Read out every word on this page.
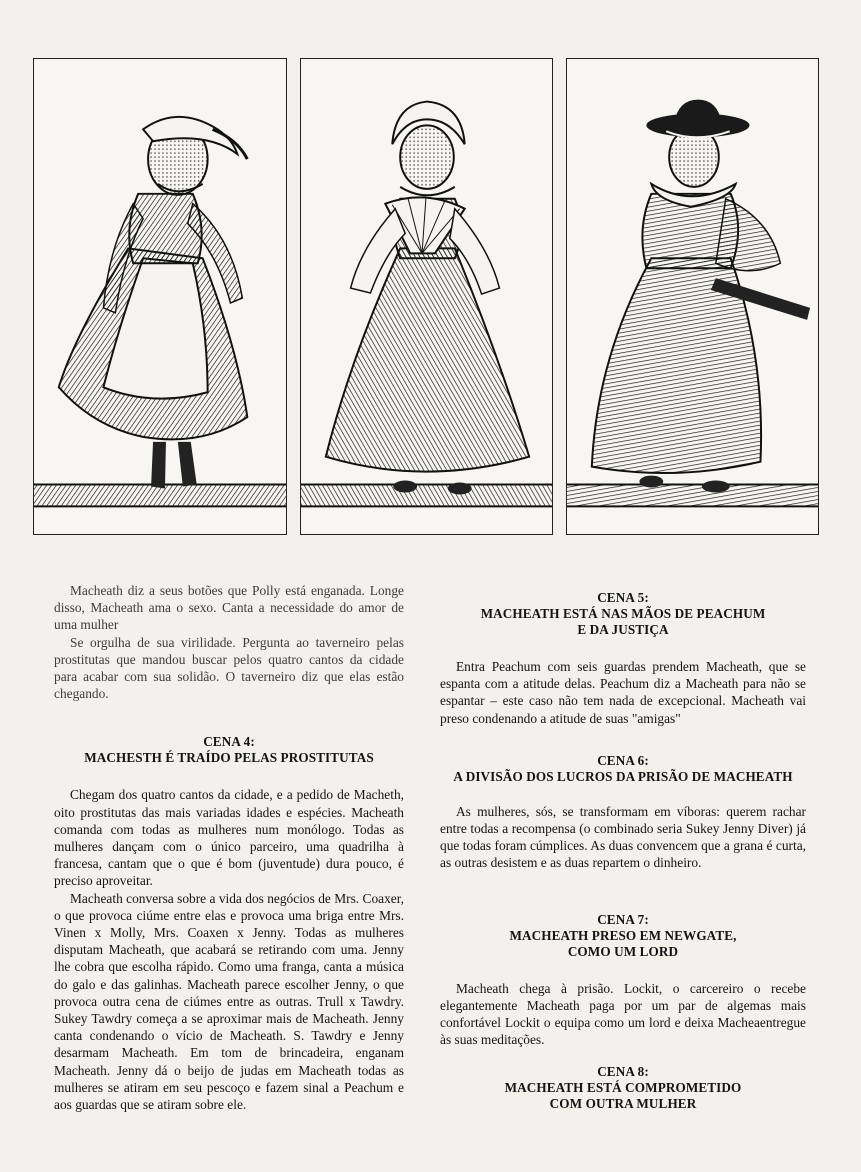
Macheath diz a seus botões que Polly está enganada. Longe disso, Macheath ama o sexo. Canta a necessidade do amor de uma mulher

Se orgulha de sua virilidade. Pergunta ao taverneiro pelas prostitutas que mandou buscar pelos quatro cantos da cidade para acabar com sua solidão. O taverneiro diz que elas estão chegando.

CENA 4:
MACHESTH É TRAÍDO PELAS PROSTITUTAS

Chegam dos quatro cantos da cidade, e a pedido de Macheth, oito prostitutas das mais variadas idades e espécies. Macheath comanda com todas as mulheres num monólogo. Todas as mulheres dançam com o único parceiro, uma quadrilha à francesa, cantam que o que é bom (juventude) dura pouco, é preciso aproveitar.

Macheath conversa sobre a vida dos negócios de Mrs. Coaxer, o que provoca ciúme entre elas e provoca uma briga entre Mrs. Vinen x Molly, Mrs. Coaxen x Jenny. Todas as mulheres disputam Macheath, que acabará se retirando com uma. Jenny lhe cobra que escolha rápido. Como uma franga, canta a música do galo e das galinhas. Macheath parece escolher Jenny, o que provoca outra cena de ciúmes entre as outras. Trull x Tawdry. Sukey Tawdry começa a se aproximar mais de Macheath. Jenny canta condenando o vício de Macheath. S. Tawdry e Jenny desarmam Macheath. Em tom de brincadeira, enganam Macheath. Jenny dá o beijo de judas em Macheath todas as mulheres se atiram em seu pescoço e fazem sinal a Peachum e aos guardas que se atiram sobre ele.

CENA 5:
MACHEATH ESTÁ NAS MÃOS DE PEACHUM
E DA JUSTIÇA

Entra Peachum com seis guardas prendem Macheath, que se espanta com a atitude delas. Peachum diz a Macheath para não se espantar – este caso não tem nada de excepcional. Macheath vai preso condenando a atitude de suas "amigas"

CENA 6:
A DIVISÃO DOS LUCROS DA PRISÃO DE MACHEATH

As mulheres, sós, se transformam em víboras: querem rachar entre todas a recompensa (o combinado seria Sukey Jenny Diver) já que todas foram cúmplices. As duas convencem que a grana é curta, as outras desistem e as duas repartem o dinheiro.

CENA 7:
MACHEATH PRESO EM NEWGATE,
COMO UM LORD

Macheath chega à prisão. Lockit, o carcereiro o recebe elegantemente Macheath paga por um par de algemas mais confortável Lockit o equipa como um lord e deixa Macheaentregue às suas meditações.

CENA 8:
MACHEATH ESTÁ COMPROMETIDO
COM OUTRA MULHER
